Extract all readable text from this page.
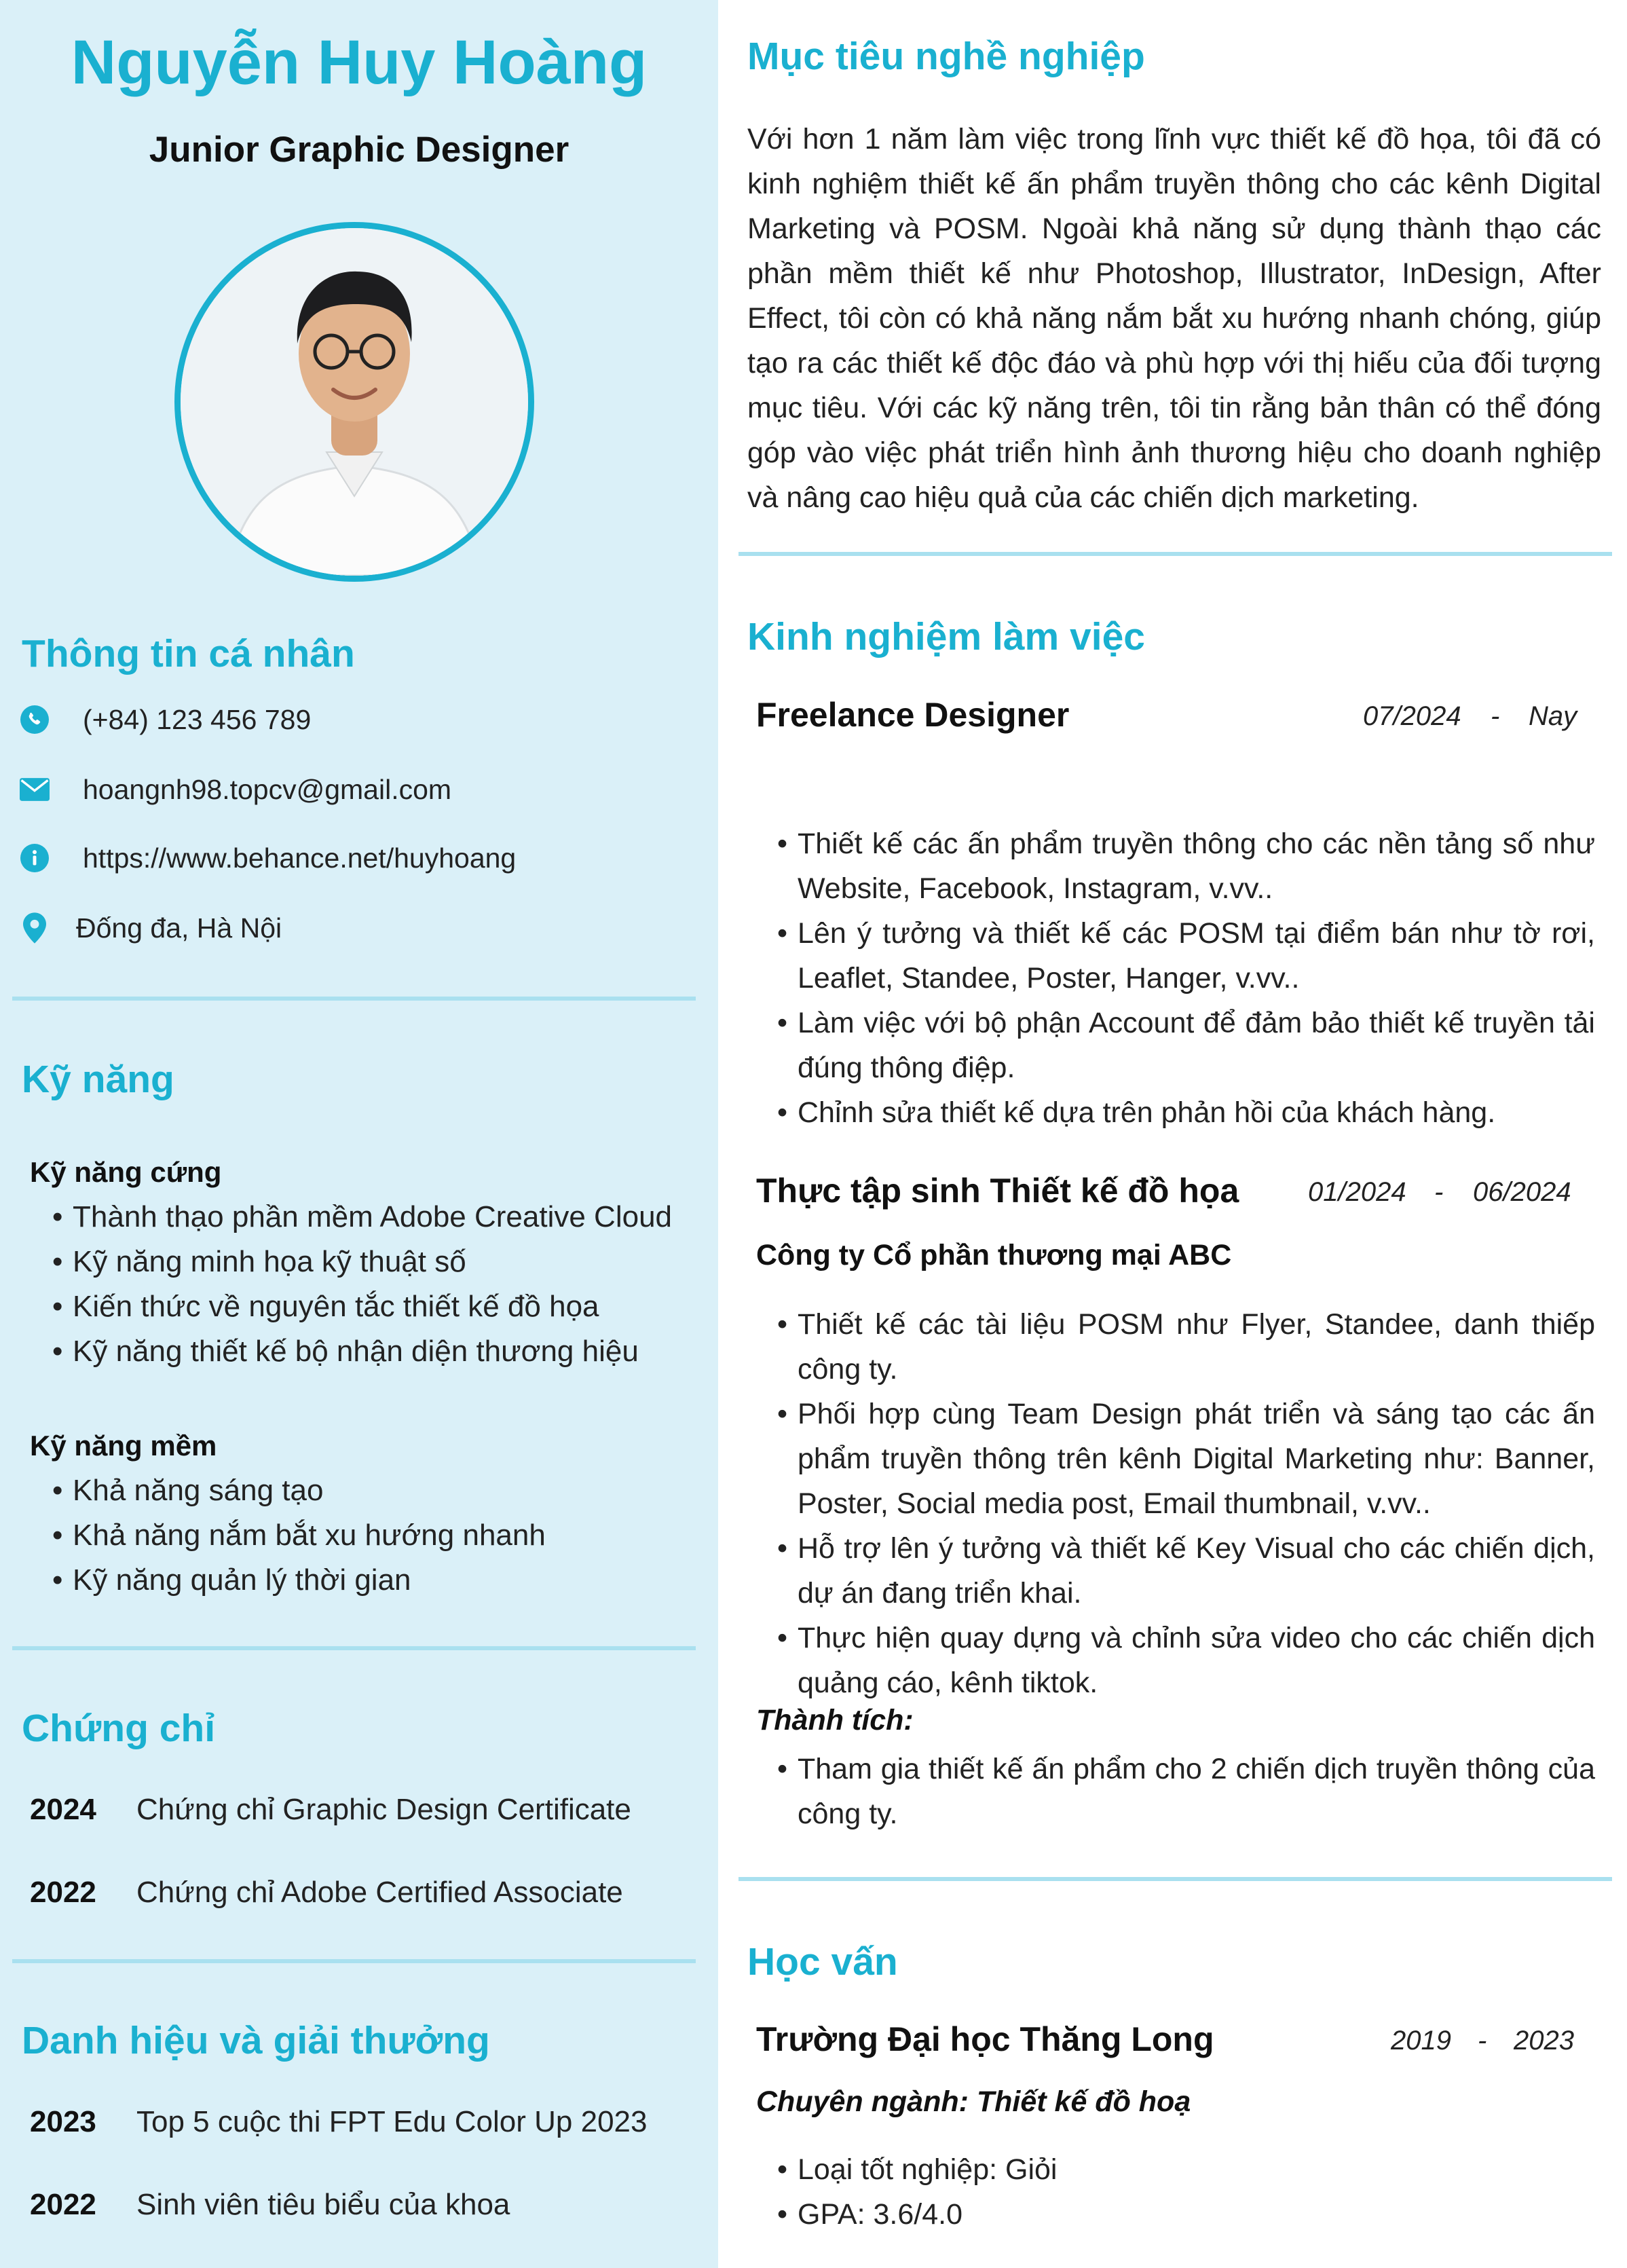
Nguyễn Huy Hoàng
Junior Graphic Designer
Thông tin cá nhân
(+84) 123 456 789
hoangnh98.topcv@gmail.com
https://www.behance.net/huyhoang
Đống đa, Hà Nội
Kỹ năng
Kỹ năng cứng
• Thành thạo phần mềm Adobe Creative Cloud
• Kỹ năng minh họa kỹ thuật số
• Kiến thức về nguyên tắc thiết kế đồ họa
• Kỹ năng thiết kế bộ nhận diện thương hiệu
Kỹ năng mềm
• Khả năng sáng tạo
• Khả năng nắm bắt xu hướng nhanh
• Kỹ năng quản lý thời gian
Chứng chỉ
2024 Chứng chỉ Graphic Design Certificate
2022 Chứng chỉ Adobe Certified Associate
Danh hiệu và giải thưởng
2023 Top 5 cuộc thi FPT Edu Color Up 2023
2022 Sinh viên tiêu biểu của khoa
Mục tiêu nghề nghiệp
Với hơn 1 năm làm việc trong lĩnh vực thiết kế đồ họa, tôi đã có kinh nghiệm thiết kế ấn phẩm truyền thông cho các kênh Digital Marketing và POSM. Ngoài khả năng sử dụng thành thạo các phần mềm thiết kế như Photoshop, Illustrator, InDesign, After Effect, tôi còn có khả năng nắm bắt xu hướng nhanh chóng, giúp tạo ra các thiết kế độc đáo và phù hợp với thị hiếu của đối tượng mục tiêu. Với các kỹ năng trên, tôi tin rằng bản thân có thể đóng góp vào việc phát triển hình ảnh thương hiệu cho doanh nghiệp và nâng cao hiệu quả của các chiến dịch marketing.
Kinh nghiệm làm việc
Freelance Designer	07/2024 - Nay
• Thiết kế các ấn phẩm truyền thông cho các nền tảng số như Website, Facebook, Instagram, v.vv..
• Lên ý tưởng và thiết kế các POSM tại điểm bán như tờ rơi, Leaflet, Standee, Poster, Hanger, v.vv..
• Làm việc với bộ phận Account để đảm bảo thiết kế truyền tải đúng thông điệp.
• Chỉnh sửa thiết kế dựa trên phản hồi của khách hàng.
Thực tập sinh Thiết kế đồ họa	01/2024 - 06/2024
Công ty Cổ phần thương mại ABC
• Thiết kế các tài liệu POSM như Flyer, Standee, danh thiếp công ty.
• Phối hợp cùng Team Design phát triển và sáng tạo các ấn phẩm truyền thông trên kênh Digital Marketing như: Banner, Poster, Social media post, Email thumbnail, v.vv..
• Hỗ trợ lên ý tưởng và thiết kế Key Visual cho các chiến dịch, dự án đang triển khai.
• Thực hiện quay dựng và chỉnh sửa video cho các chiến dịch quảng cáo, kênh tiktok.
Thành tích:
• Tham gia thiết kế ấn phẩm cho 2 chiến dịch truyền thông của công ty.
Học vấn
Trường Đại học Thăng Long	2019 - 2023
Chuyên ngành: Thiết kế đồ hoạ
• Loại tốt nghiệp: Giỏi
• GPA: 3.6/4.0
